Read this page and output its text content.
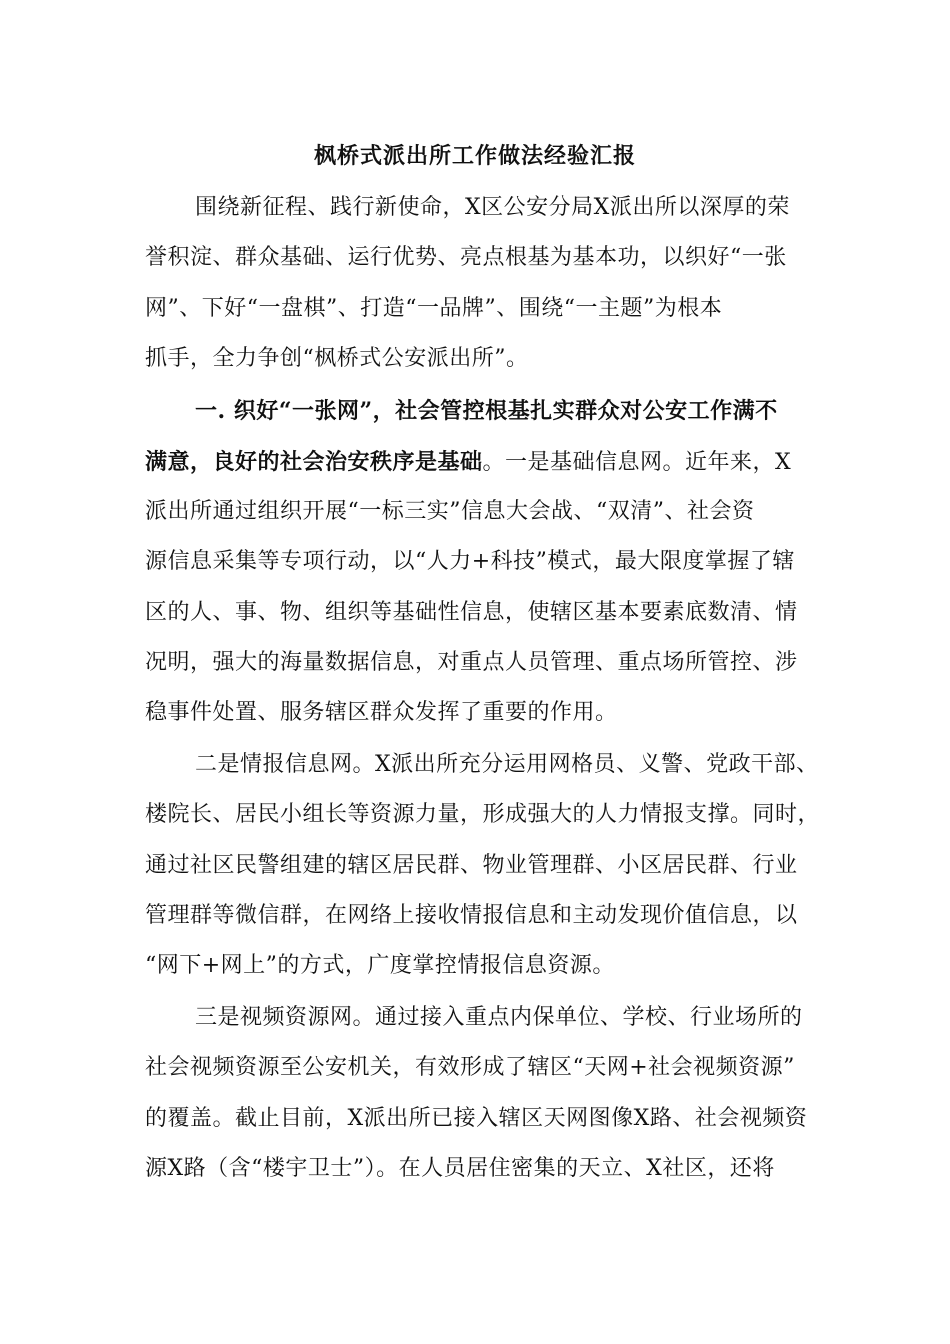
枫桥式派出所工作做法经验汇报

围绕新征程、践行新使命，X区公安分局X派出所以深厚的荣

誉积淀、群众基础、运行优势、亮点根基为基本功，以织好“一张

网”、下好“一盘棋”、打造“一品牌”、围绕“一主题”为根本

抓手，全力争创“枫桥式公安派出所”。

一. 织好“一张网”，社会管控根基扎实群众对公安工作满不

满意，良好的社会治安秩序是基础。一是基础信息网。近年来，X

派出所通过组织开展“一标三实”信息大会战、“双清”、社会资

源信息采集等专项行动，以“人力+科技”模式，最大限度掌握了辖

区的人、事、物、组织等基础性信息，使辖区基本要素底数清、情

况明，强大的海量数据信息，对重点人员管理、重点场所管控、涉

稳事件处置、服务辖区群众发挥了重要的作用。

二是情报信息网。X派出所充分运用网格员、义警、党政干部、

楼院长、居民小组长等资源力量，形成强大的人力情报支撑。同时，

通过社区民警组建的辖区居民群、物业管理群、小区居民群、行业

管理群等微信群，在网络上接收情报信息和主动发现价值信息，以

“网下+网上”的方式，广度掌控情报信息资源。

三是视频资源网。通过接入重点内保单位、学校、行业场所的

社会视频资源至公安机关，有效形成了辖区“天网+社会视频资源”

的覆盖。截止目前，X派出所已接入辖区天网图像X路、社会视频资

源X路（含“楼宇卫士”）。在人员居住密集的天立、X社区，还将
